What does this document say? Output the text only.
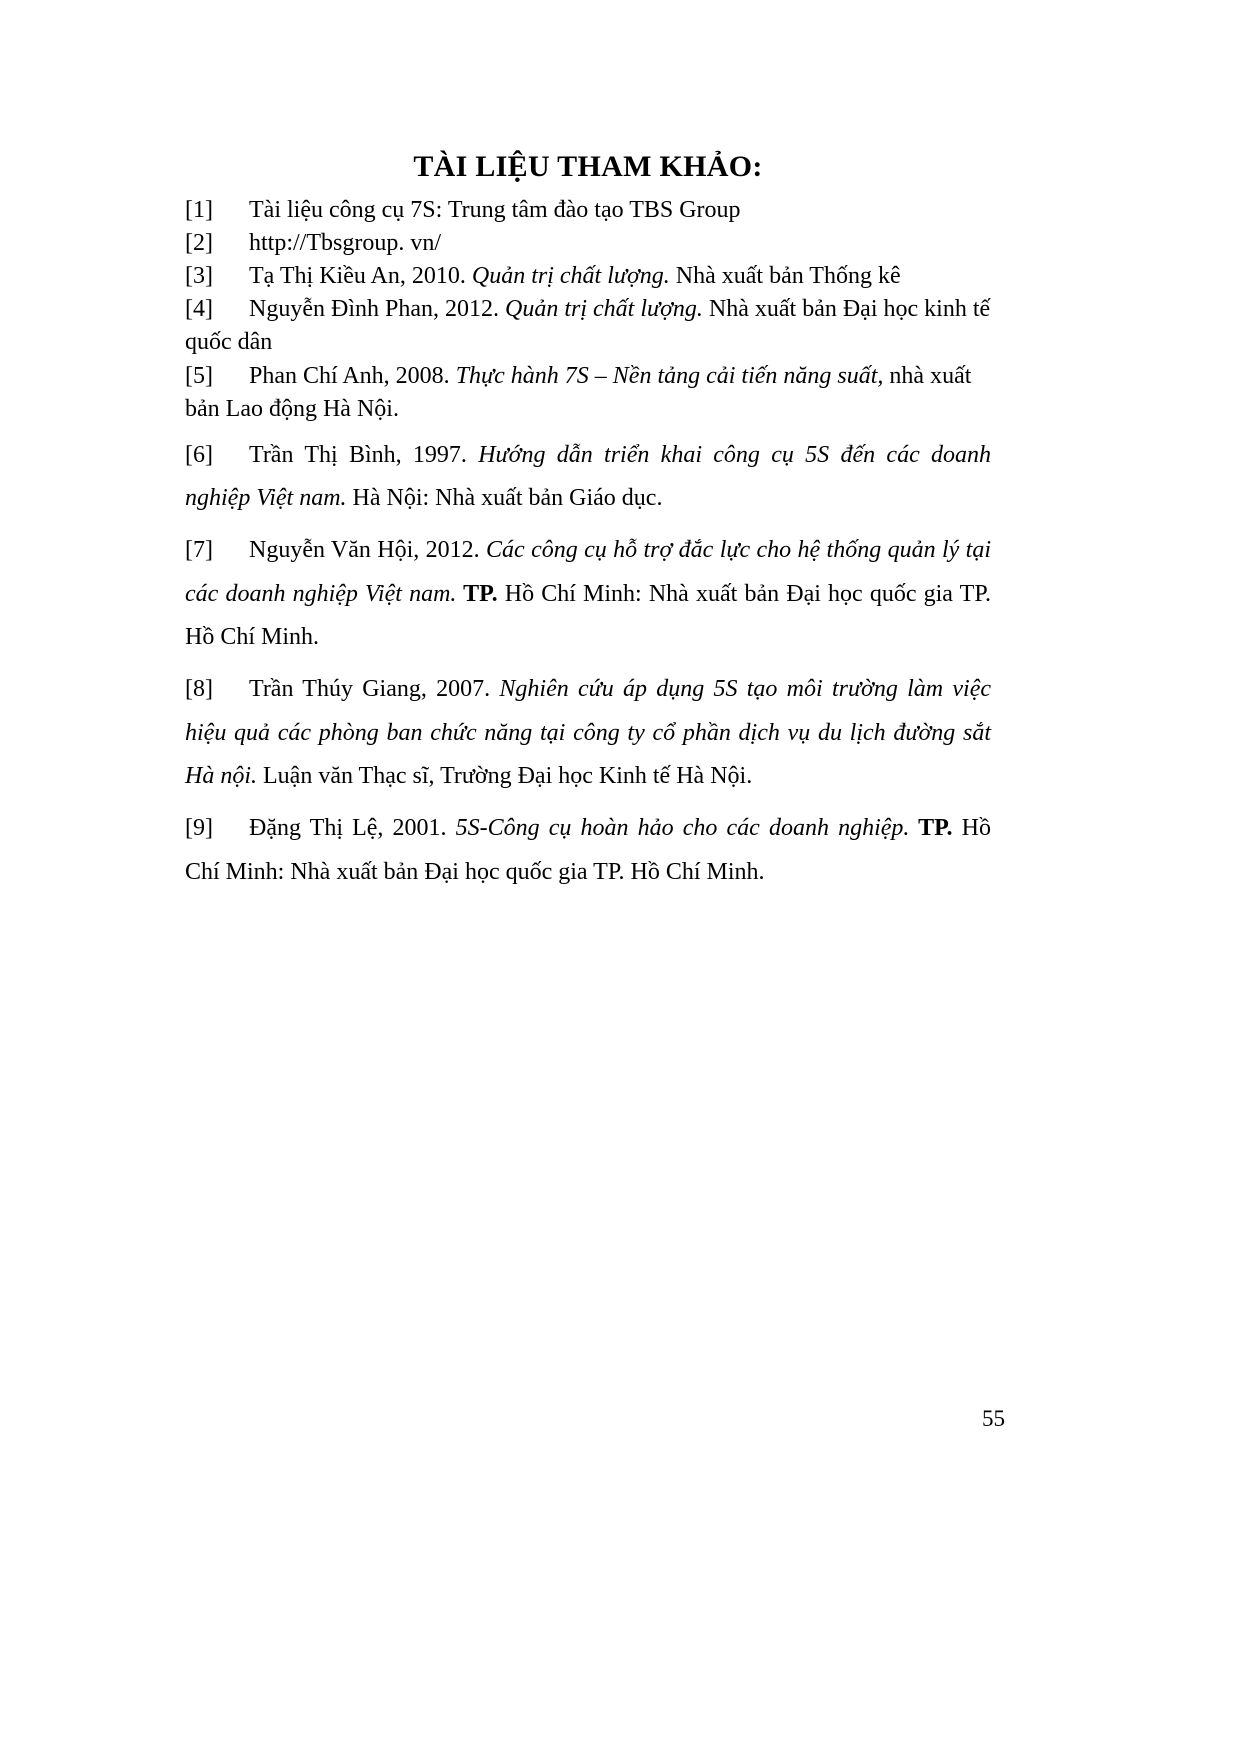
TÀI LIỆU THAM KHẢO:

[1] Tài liệu công cụ 7S: Trung tâm đào tạo TBS Group

[2] http://Tbsgroup. vn/

[3] Tạ Thị Kiều An, 2010. Quản trị chất lượng. Nhà xuất bản Thống kê

[4] Nguyễn Đình Phan, 2012. Quản trị chất lượng. Nhà xuất bản Đại học kinh tế quốc dân

[5] Phan Chí Anh, 2008. Thực hành 7S – Nền tảng cải tiến năng suất, nhà xuất bản Lao động Hà Nội.

[6] Trần Thị Bình, 1997. Hướng dẫn triển khai công cụ 5S đến các doanh nghiệp Việt nam. Hà Nội: Nhà xuất bản Giáo dục.

[7] Nguyễn Văn Hội, 2012. Các công cụ hỗ trợ đắc lực cho hệ thống quản lý tại các doanh nghiệp Việt nam. TP. Hồ Chí Minh: Nhà xuất bản Đại học quốc gia TP. Hồ Chí Minh.

[8] Trần Thúy Giang, 2007. Nghiên cứu áp dụng 5S tạo môi trường làm việc hiệu quả các phòng ban chức năng tại công ty cổ phần dịch vụ du lịch đường sắt Hà nội. Luận văn Thạc sĩ, Trường Đại học Kinh tế Hà Nội.

[9] Đặng Thị Lệ, 2001. 5S-Công cụ hoàn hảo cho các doanh nghiệp. TP. Hồ Chí Minh: Nhà xuất bản Đại học quốc gia TP. Hồ Chí Minh.

55
